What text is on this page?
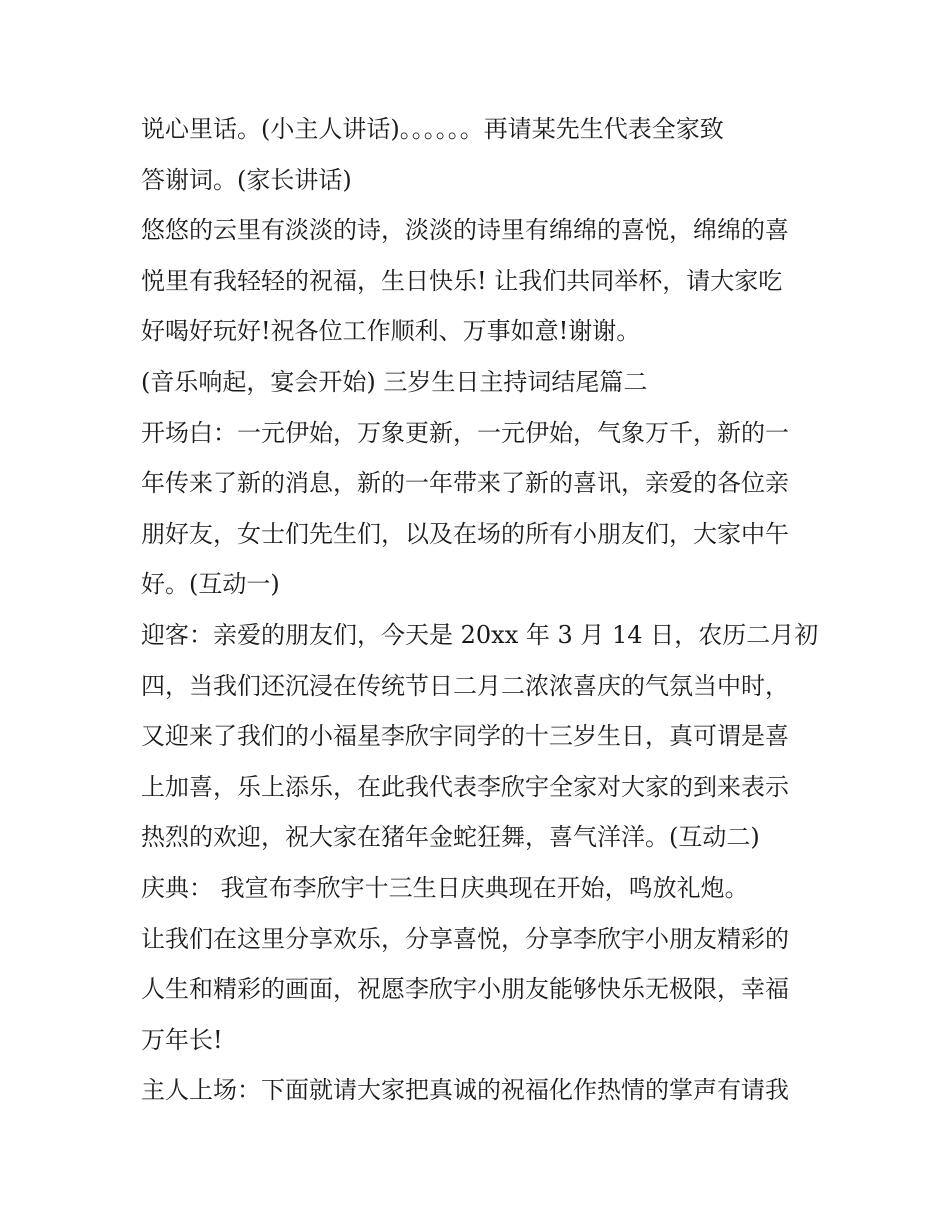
说心里话。(小主人讲话)。。。。。。再请某先生代表全家致
答谢词。(家长讲话)
悠悠的云里有淡淡的诗，淡淡的诗里有绵绵的喜悦，绵绵的喜
悦里有我轻轻的祝福，生日快乐! 让我们共同举杯，请大家吃
好喝好玩好!祝各位工作顺利、万事如意!谢谢。
(音乐响起，宴会开始) 三岁生日主持词结尾篇二
开场白：一元伊始，万象更新，一元伊始，气象万千，新的一
年传来了新的消息，新的一年带来了新的喜讯，亲爱的各位亲
朋好友，女士们先生们，以及在场的所有小朋友们，大家中午
好。(互动一)
迎客：亲爱的朋友们，今天是 20xx 年 3 月 14 日，农历二月初
四，当我们还沉浸在传统节日二月二浓浓喜庆的气氛当中时，
又迎来了我们的小福星李欣宇同学的十三岁生日，真可谓是喜
上加喜，乐上添乐，在此我代表李欣宇全家对大家的到来表示
热烈的欢迎，祝大家在猪年金蛇狂舞，喜气洋洋。(互动二)
庆典： 我宣布李欣宇十三生日庆典现在开始，鸣放礼炮。
让我们在这里分享欢乐，分享喜悦，分享李欣宇小朋友精彩的
人生和精彩的画面，祝愿李欣宇小朋友能够快乐无极限，幸福
万年长!
主人上场：下面就请大家把真诚的祝福化作热情的掌声有请我
